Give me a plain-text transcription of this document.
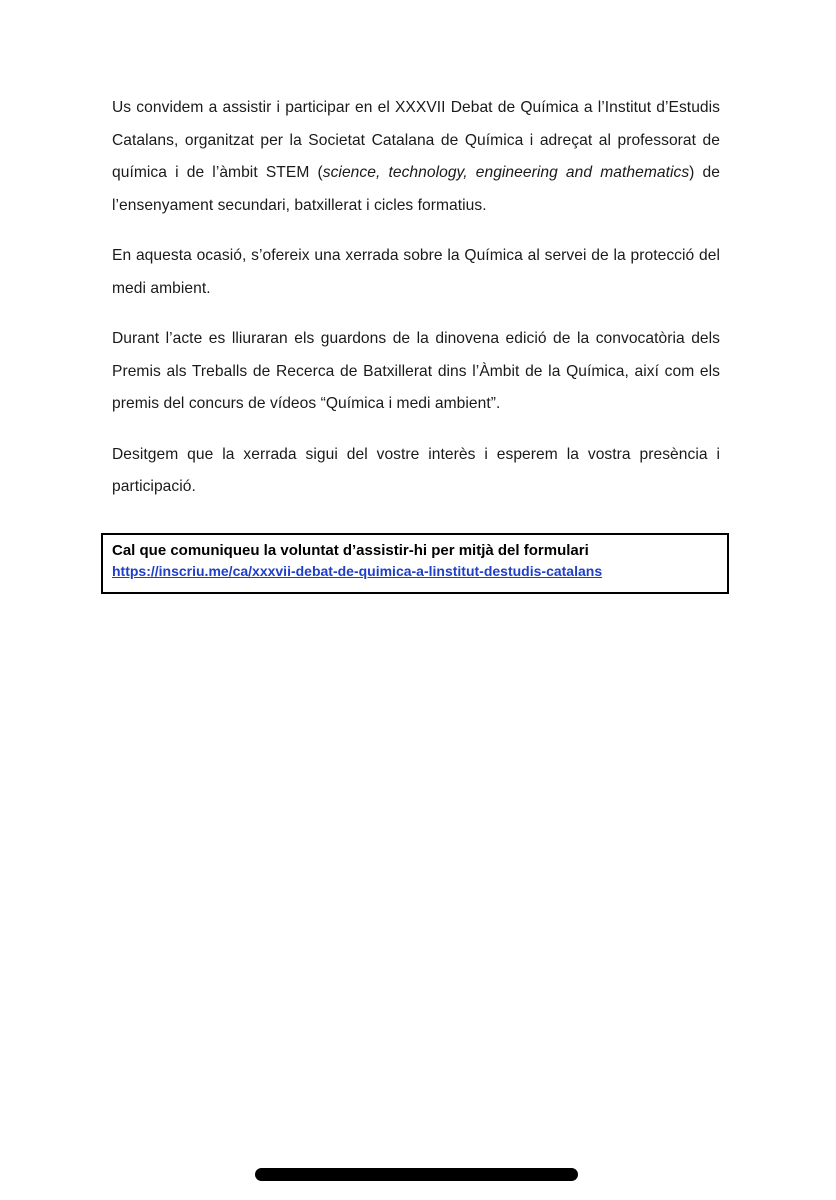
Us convidem a assistir i participar en el XXXVII Debat de Química a l’Institut d’Estudis Catalans, organitzat per la Societat Catalana de Química i adreçat al professorat de química i de l’àmbit STEM (science, technology, engineering and mathematics) de l’ensenyament secundari, batxillerat i cicles formatius.

En aquesta ocasió, s’ofereix una xerrada sobre la Química al servei de la protecció del medi ambient.

Durant l’acte es lliuraran els guardons de la dinovena edició de la convocatòria dels Premis als Treballs de Recerca de Batxillerat dins l’Àmbit de la Química, així com els premis del concurs de vídeos “Química i medi ambient”.

Desitgem que la xerrada sigui del vostre interès i esperem la vostra presència i participació.

Cal que comuniqueu la voluntat d’assistir-hi per mitjà del formulari
https://inscriu.me/ca/xxxvii-debat-de-quimica-a-linstitut-destudis-catalans
